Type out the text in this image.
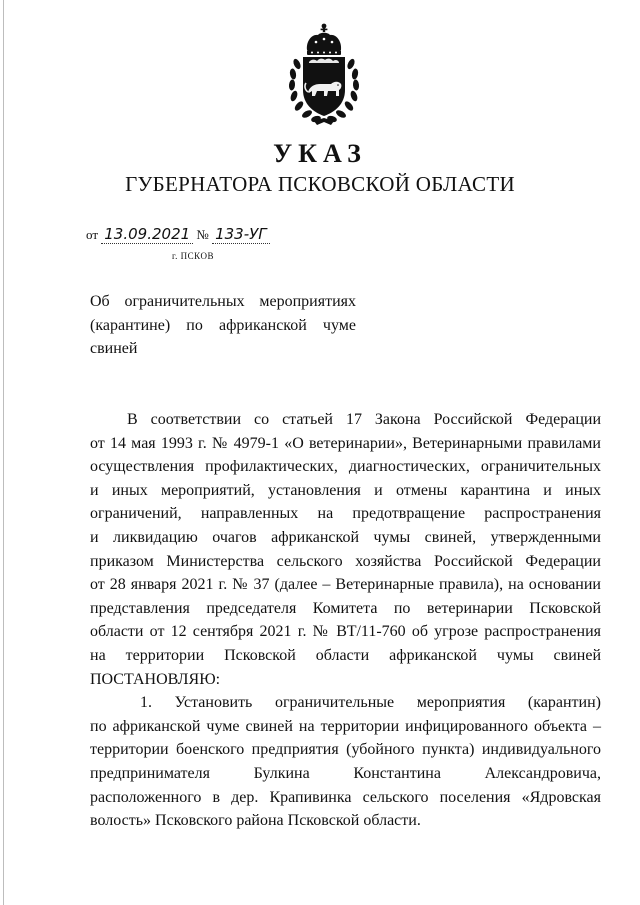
УКАЗ
ГУБЕРНАТОРА ПСКОВСКОЙ ОБЛАСТИ
от 13.09.2021 № 133-УГ
г. ПСКОВ
Об ограничительных мероприятиях
(карантине) по африканской чуме
свиней
В соответствии со статьей 17 Закона Российской Федерации
от 14 мая 1993 г. № 4979-1 «О ветеринарии», Ветеринарными правилами
осуществления профилактических, диагностических, ограничительных
и иных мероприятий, установления и отмены карантина и иных
ограничений, направленных на предотвращение распространения
и ликвидацию очагов африканской чумы свиней, утвержденными
приказом Министерства сельского хозяйства Российской Федерации
от 28 января 2021 г. № 37 (далее – Ветеринарные правила), на основании
представления председателя Комитета по ветеринарии Псковской
области от 12 сентября 2021 г. № ВТ/11-760 об угрозе распространения
на территории Псковской области африканской чумы свиней
ПОСТАНОВЛЯЮ:
1. Установить ограничительные мероприятия (карантин)
по африканской чуме свиней на территории инфицированного объекта –
территории боенского предприятия (убойного пункта) индивидуального
предпринимателя Булкина Константина Александровича,
расположенного в дер. Крапивинка сельского поселения «Ядровская
волость» Псковского района Псковской области.
